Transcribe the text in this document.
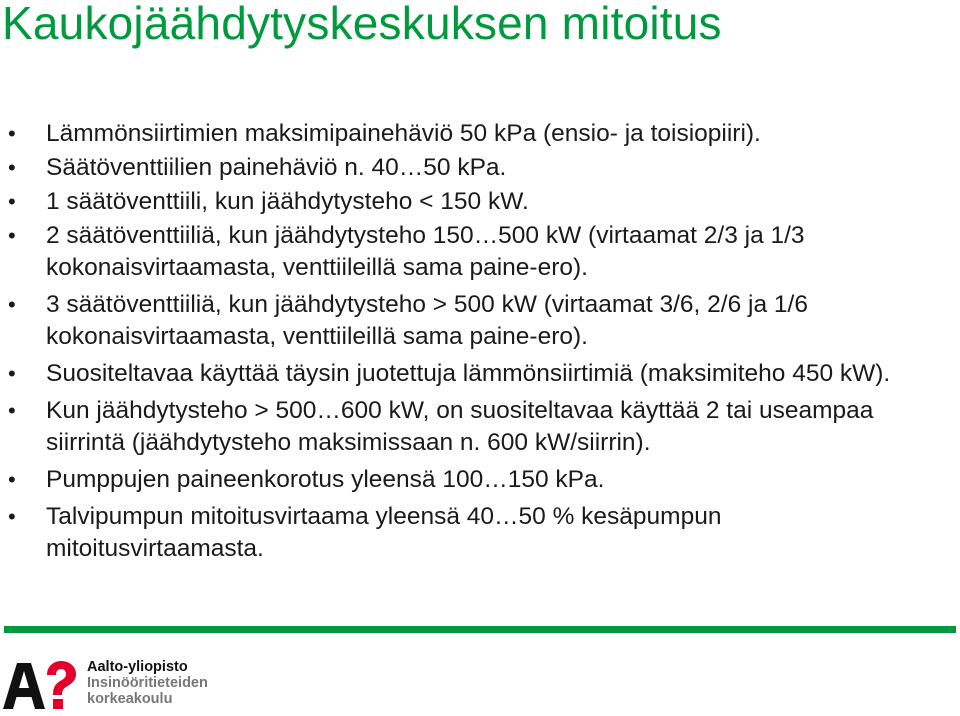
Kaukojäähdytyskeskuksen mitoitus
• Lämmönsiirtimien maksimipainehäviö 50 kPa (ensio- ja toisiopiiri).
• Säätöventtiilien painehäviö n. 40…50 kPa.
• 1 säätöventtiili, kun jäähdytysteho < 150 kW.
• 2 säätöventtiiliä, kun jäähdytysteho 150…500 kW (virtaamat 2/3 ja 1/3 kokonaisvirtaamasta, venttiileillä sama paine-ero).
• 3 säätöventtiiliä, kun jäähdytysteho > 500 kW (virtaamat 3/6, 2/6 ja 1/6 kokonaisvirtaamasta, venttiileillä sama paine-ero).
• Suositeltavaa käyttää täysin juotettuja lämmönsiirtimiä (maksimiteho 450 kW).
• Kun jäähdytysteho > 500…600 kW, on suositeltavaa käyttää 2 tai useampaa siirrintä (jäähdytysteho maksimissaan n. 600 kW/siirrin).
• Pumppujen paineenkorotus yleensä 100…150 kPa.
• Talvipumpun mitoitusvirtaama yleensä 40…50 % kesäpumpun mitoitusvirtaamasta.
Aalto-yliopisto
Insinööritieteiden
korkeakoulu
